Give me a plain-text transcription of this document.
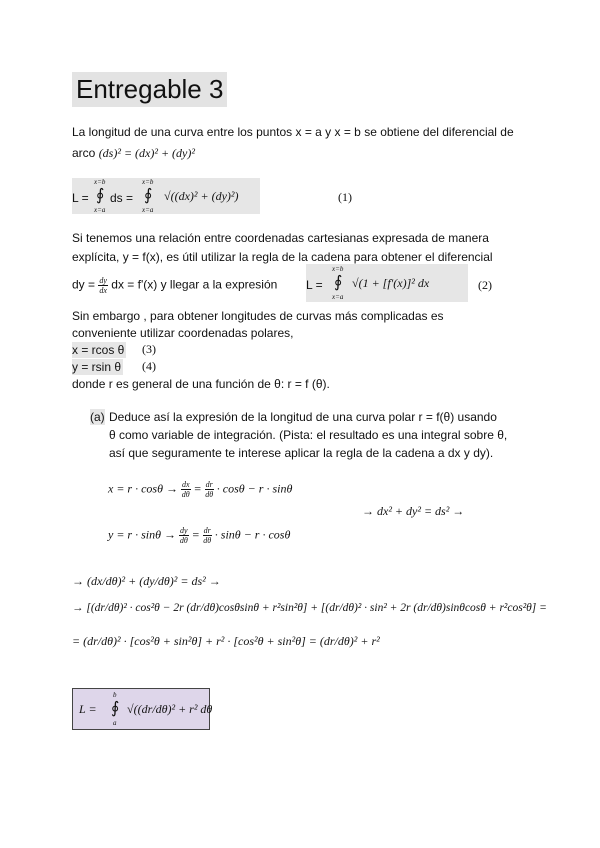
Entregable 3
La longitud de una curva entre los puntos x = a y x = b se obtiene del diferencial de
arco (ds)² = (dx)² + (dy)²
L = ∮
x=b
x=a
ds = ∮
x=b
x=a
√((dx)² + (dy)²)	(1)
Si tenemos una relación entre coordenadas cartesianas expresada de manera
explícita, y = f(x), es útil utilizar la regla de la cadena para obtener el diferencial
dy = $\frac{dy}{dx}$ dx = f'(x) y llegar a la expresión L = ∮
x=b
x=a
√(1 + [f'(x)]² dx	(2)
Sin embargo , para obtener longitudes de curvas más complicadas es
conveniente utilizar coordenadas polares,
x = rcos θ (3)
y = rsin θ (4)
donde r es general de una función de θ: r = f (θ).
(a) Deduce así la expresión de la longitud de una curva polar r = f(θ) usando
θ como variable de integración. (Pista: el resultado es una integral sobre θ,
así que seguramente te interese aplicar la regla de la cadena a dx y dy).
$x = r \cdot \cos\theta \to \frac{dx}{d\theta} = \frac{dr}{d\theta} \cdot \cos\theta - r \cdot \sin\theta$
→ dx² + dy² = ds² →
$y = r \cdot \sin\theta \to \frac{dy}{d\theta} = \frac{dr}{d\theta} \cdot \sin\theta - r \cdot \cos\theta$
→ (dx/dθ)² + (dy/dθ)² = ds² →
→ [(dr/dθ)² · cos²θ − 2r (dr/dθ)cosθsinθ + r²sin²θ] + [(dr/dθ)² · sin² + 2r (dr/dθ)sinθcosθ + r²cos²θ] =
= (dr/dθ)² · [cos²θ + sin²θ] + r² · [cos²θ + sin²θ] = (dr/dθ)² + r²
L = ∮
b
a
√((dr/dθ)² + r² dθ
